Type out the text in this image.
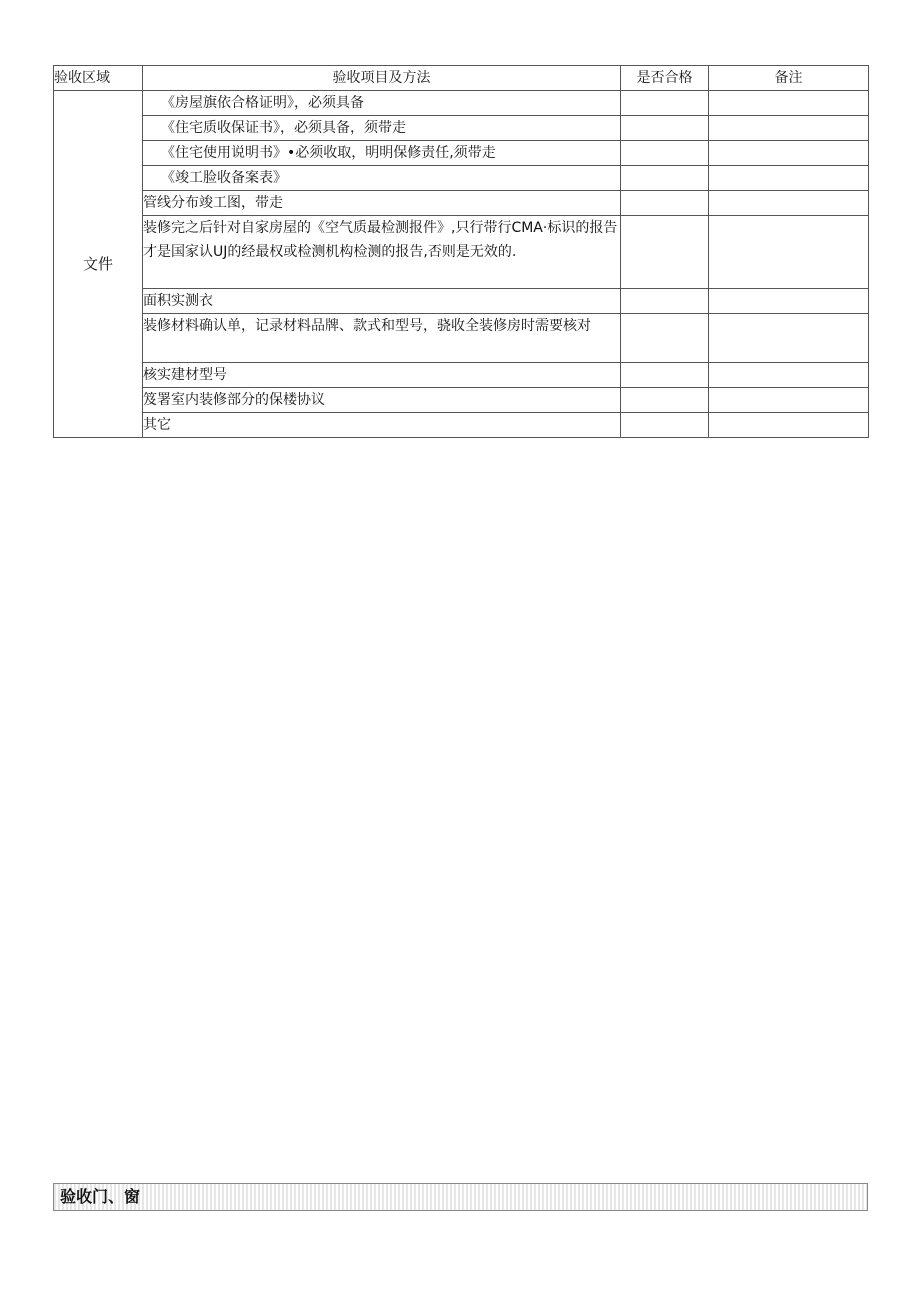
验收区域	验收项目及方法	是否合格	备注
文件	《房屋旗依合格证明》，必须具备		
	《住宅质收保证书》，必须具备，须带走		
	《住宅使用说明书》•必须收取，明明保修责任,须带走		
	《竣工脸收备案表》		
	管线分布竣工图，带走		
	装修完之后针对自家房屋的《空气质最检测报件》,只行带行CMA·标识的报告才是国家认UJ的经最权或检测机构检测的报告,否则是无效的.		
	面积实测衣		
	装修材料确认单，记录材料品牌、款式和型号，骁收全装修房时需要核对		
	核实建材型号		
	笈署室内装修部分的保楼协议		
	其它		
验收门、窗
